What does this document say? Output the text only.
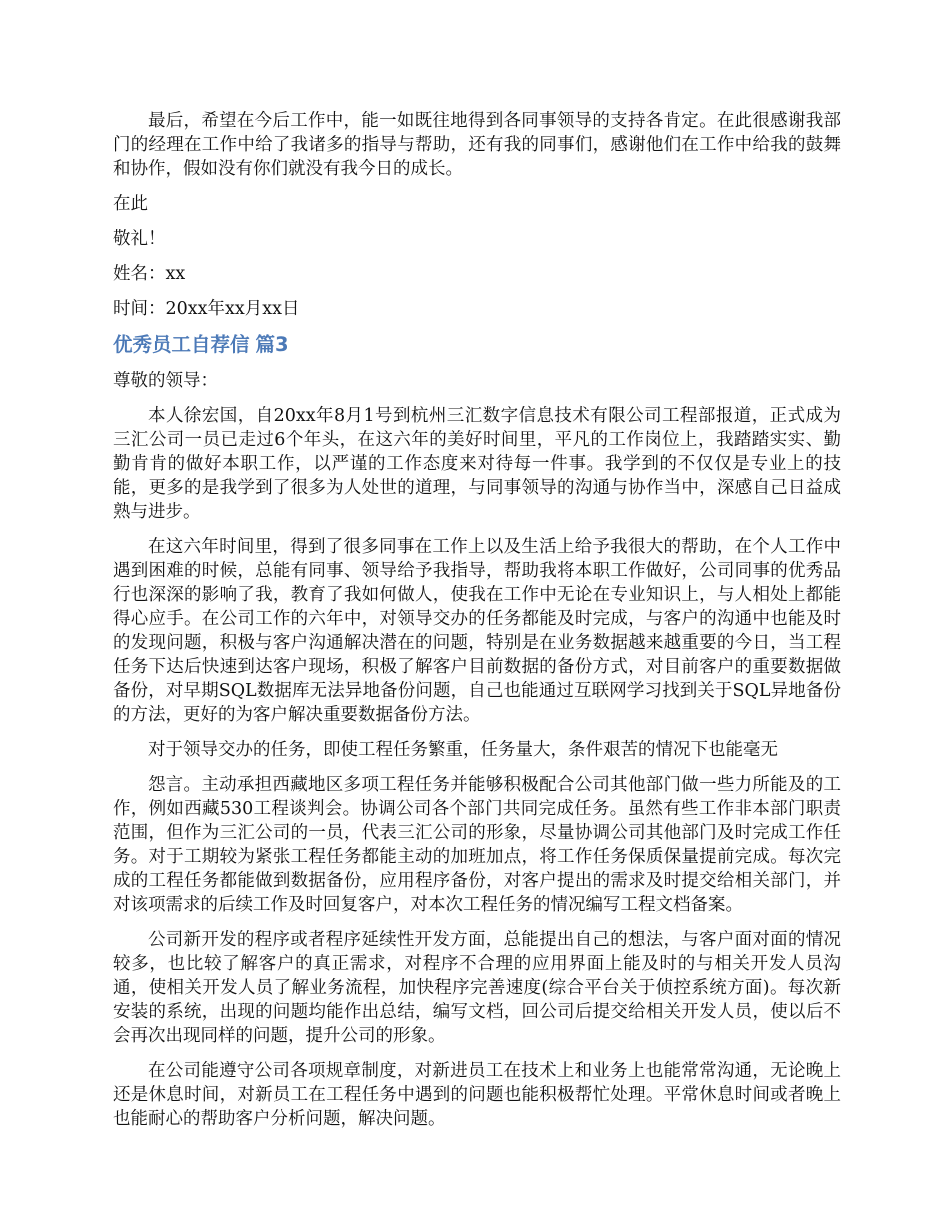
最后，希望在今后工作中，能一如既往地得到各同事领导的支持各肯定。在此很感谢我部门的经理在工作中给了我诸多的指导与帮助，还有我的同事们，感谢他们在工作中给我的鼓舞和协作，假如没有你们就没有我今日的成长。

在此

敬礼！

姓名：xx

时间：20xx年xx月xx日

优秀员工自荐信 篇3

尊敬的领导：

本人徐宏国，自20xx年8月1号到杭州三汇数字信息技术有限公司工程部报道，正式成为三汇公司一员已走过6个年头，在这六年的美好时间里，平凡的工作岗位上，我踏踏实实、勤勤肯肯的做好本职工作，以严谨的工作态度来对待每一件事。我学到的不仅仅是专业上的技能，更多的是我学到了很多为人处世的道理，与同事领导的沟通与协作当中，深感自己日益成熟与进步。

在这六年时间里，得到了很多同事在工作上以及生活上给予我很大的帮助，在个人工作中遇到困难的时候，总能有同事、领导给予我指导，帮助我将本职工作做好，公司同事的优秀品行也深深的影响了我，教育了我如何做人，使我在工作中无论在专业知识上，与人相处上都能得心应手。在公司工作的六年中，对领导交办的任务都能及时完成，与客户的沟通中也能及时的发现问题，积极与客户沟通解决潜在的问题，特别是在业务数据越来越重要的今日，当工程任务下达后快速到达客户现场，积极了解客户目前数据的备份方式，对目前客户的重要数据做备份，对早期SQL数据库无法异地备份问题，自己也能通过互联网学习找到关于SQL异地备份的方法，更好的为客户解决重要数据备份方法。

对于领导交办的任务，即使工程任务繁重，任务量大，条件艰苦的情况下也能毫无

怨言。主动承担西藏地区多项工程任务并能够积极配合公司其他部门做一些力所能及的工作，例如西藏530工程谈判会。协调公司各个部门共同完成任务。虽然有些工作非本部门职责范围，但作为三汇公司的一员，代表三汇公司的形象，尽量协调公司其他部门及时完成工作任务。对于工期较为紧张工程任务都能主动的加班加点，将工作任务保质保量提前完成。每次完成的工程任务都能做到数据备份，应用程序备份，对客户提出的需求及时提交给相关部门，并对该项需求的后续工作及时回复客户，对本次工程任务的情况编写工程文档备案。

公司新开发的程序或者程序延续性开发方面，总能提出自己的想法，与客户面对面的情况较多，也比较了解客户的真正需求，对程序不合理的应用界面上能及时的与相关开发人员沟通，使相关开发人员了解业务流程，加快程序完善速度(综合平台关于侦控系统方面)。每次新安装的系统，出现的问题均能作出总结，编写文档，回公司后提交给相关开发人员，使以后不会再次出现同样的问题，提升公司的形象。

在公司能遵守公司各项规章制度，对新进员工在技术上和业务上也能常常沟通，无论晚上还是休息时间，对新员工在工程任务中遇到的问题也能积极帮忙处理。平常休息时间或者晚上也能耐心的帮助客户分析问题，解决问题。
